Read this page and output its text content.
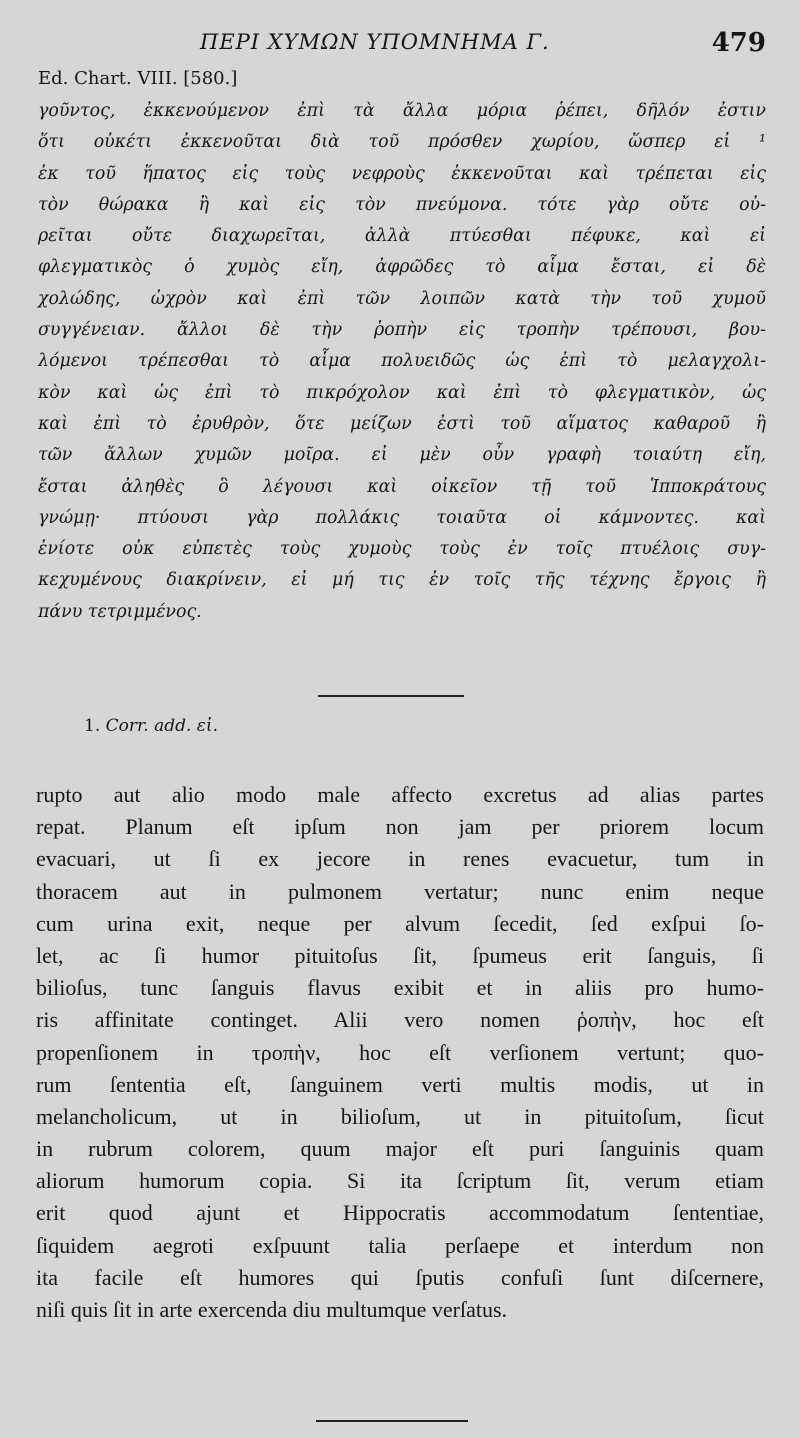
ΠΕΡΙ ΧΥΜΩΝ ΥΠΟΜΝΗΜΑ Γ.	479
Ed. Chart. VIII. [580.]
γοῦντος, ἐκκενούμενον ἐπὶ τὰ ἄλλα μόρια ῥέπει, δῆλόν ἐστιν
ὅτι οὐκέτι ἐκκενοῦται διὰ τοῦ πρόσθεν χωρίου, ὥσπερ εἰ ¹
ἐκ τοῦ ἥπατος εἰς τοὺς νεφροὺς ἐκκενοῦται καὶ τρέπεται εἰς
τὸν θώρακα ἢ καὶ εἰς τὸν πνεύμονα. τότε γὰρ οὔτε οὐ-
ρεῖται οὔτε διαχωρεῖται, ἀλλὰ πτύεσθαι πέφυκε, καὶ εἰ
φλεγματικὸς ὁ χυμὸς εἴη, ἀφρῶδες τὸ αἷμα ἔσται, εἰ δὲ
χολώδης, ὠχρὸν καὶ ἐπὶ τῶν λοιπῶν κατὰ τὴν τοῦ χυμοῦ
συγγένειαν. ἄλλοι δὲ τὴν ῥοπὴν εἰς τροπὴν τρέπουσι, βου-
λόμενοι τρέπεσθαι τὸ αἷμα πολυειδῶς ὡς ἐπὶ τὸ μελαγχολι-
κὸν καὶ ὡς ἐπὶ τὸ πικρόχολον καὶ ἐπὶ τὸ φλεγματικὸν, ὡς
καὶ ἐπὶ τὸ ἐρυθρὸν, ὅτε μείζων ἐστὶ τοῦ αἵματος καθαροῦ ἢ
τῶν ἄλλων χυμῶν μοῖρα. εἰ μὲν οὖν γραφὴ τοιαύτη εἴη,
ἔσται ἀληθὲς ὃ λέγουσι καὶ οἰκεῖον τῇ τοῦ Ἱπποκράτους
γνώμῃ· πτύουσι γὰρ πολλάκις τοιαῦτα οἱ κάμνοντες. καὶ
ἐνίοτε οὐκ εὐπετὲς τοὺς χυμοὺς τοὺς ἐν τοῖς πτυέλοις συγ-
κεχυμένους διακρίνειν, εἰ μή τις ἐν τοῖς τῆς τέχνης ἔργοις ἢ
πάνυ τετριμμένος.
1. Corr. add. εἰ.
rupto aut alio modo male affecto excretus ad alias partes
repat. Planum eſt ipſum non jam per priorem locum
evacuari, ut ſi ex jecore in renes evacuetur, tum in
thoracem aut in pulmonem vertatur; nunc enim neque
cum urina exit, neque per alvum ſecedit, ſed exſpui ſo-
let, ac ſi humor pituitoſus ſit, ſpumeus erit ſanguis, ſi
bilioſus, tunc ſanguis flavus exibit et in aliis pro humo-
ris affinitate continget. Alii vero nomen ῥοπὴν, hoc eſt
propenſionem in τροπὴν, hoc eſt verſionem vertunt; quo-
rum ſententia eſt, ſanguinem verti multis modis, ut in
melancholicum, ut in bilioſum, ut in pituitoſum, ſicut
in rubrum colorem, quum major eſt puri ſanguinis quam
aliorum humorum copia. Si ita ſcriptum ſit, verum etiam
erit quod ajunt et Hippocratis accommodatum ſententiae,
ſiquidem aegroti exſpuunt talia perſaepe et interdum non
ita facile eſt humores qui ſputis confuſi ſunt diſcernere,
niſi quis ſit in arte exercenda diu multumque verſatus.
